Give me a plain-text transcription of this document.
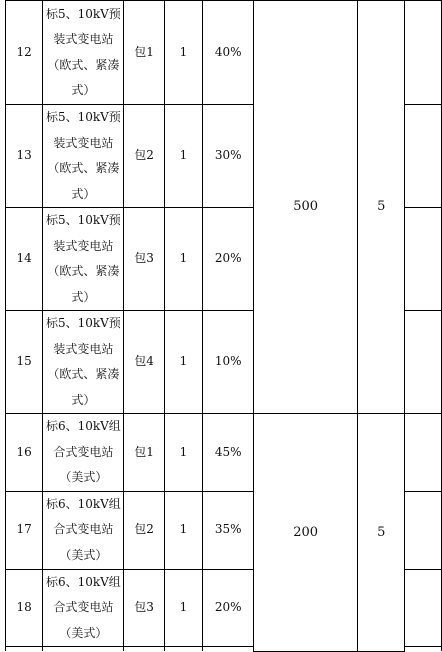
12	标5、10kV预
装式变电站
（欧式、紧凑
式）	包1	1	40%	500	5	
13	标5、10kV预
装式变电站
（欧式、紧凑
式）	包2	1	30%			
14	标5、10kV预
装式变电站
（欧式、紧凑
式）	包3	1	20%			
15	标5、10kV预
装式变电站
（欧式、紧凑
式）	包4	1	10%			
16	标6、10kV组
合式变电站
（美式）	包1	1	45%	200	5	
17	标6、10kV组
合式变电站
（美式）	包2	1	35%			
18	标6、10kV组
合式变电站
（美式）	包3	1	20%			
